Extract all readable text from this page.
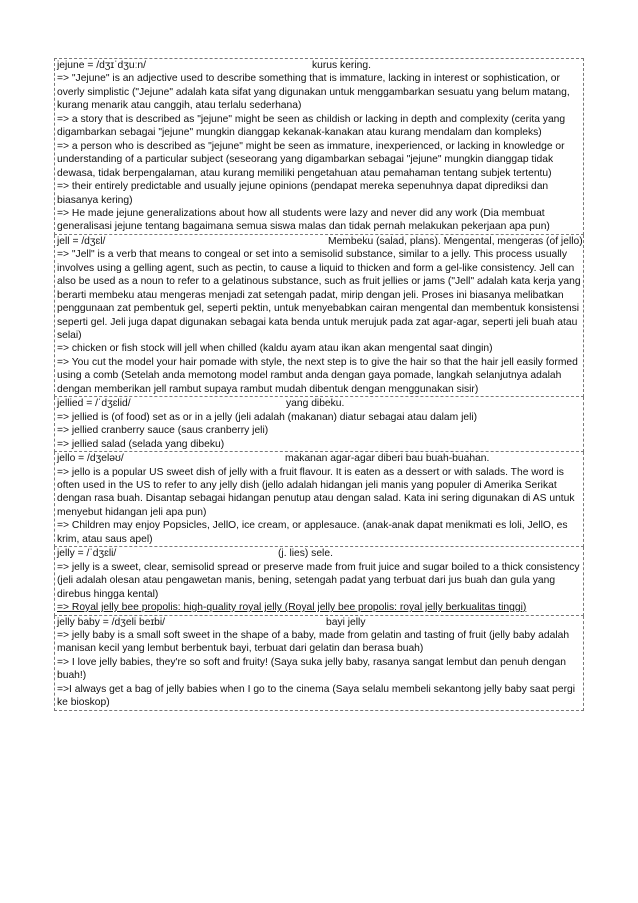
jejune = /dʒɪˈdʒuːn/	kurus kering.
=> "Jejune" is an adjective used to describe something that is immature, lacking in interest or sophistication, or overly simplistic ("Jejune" adalah kata sifat yang digunakan untuk menggambarkan sesuatu yang belum matang, kurang menarik atau canggih, atau terlalu sederhana)
=> a story that is described as "jejune" might be seen as childish or lacking in depth and complexity (cerita yang digambarkan sebagai "jejune" mungkin dianggap kekanak-kanakan atau kurang mendalam dan kompleks)
=> a person who is described as "jejune" might be seen as immature, inexperienced, or lacking in knowledge or understanding of a particular subject (seseorang yang digambarkan sebagai "jejune" mungkin dianggap tidak dewasa, tidak berpengalaman, atau kurang memiliki pengetahuan atau pemahaman tentang subjek tertentu)
=> their entirely predictable and usually jejune opinions (pendapat mereka sepenuhnya dapat diprediksi dan biasanya kering)
=> He made jejune generalizations about how all students were lazy and never did any work (Dia membuat generalisasi jejune tentang bagaimana semua siswa malas dan tidak pernah melakukan pekerjaan apa pun)
jell = /dʒɛl/	Membeku (salad, plans). Mengental, mengeras (of jello)
=> "Jell" is a verb that means to congeal or set into a semisolid substance, similar to a jelly. This process usually involves using a gelling agent, such as pectin, to cause a liquid to thicken and form a gel-like consistency. Jell can also be used as a noun to refer to a gelatinous substance, such as fruit jellies or jams ("Jell" adalah kata kerja yang berarti membeku atau mengeras menjadi zat setengah padat, mirip dengan jeli. Proses ini biasanya melibatkan penggunaan zat pembentuk gel, seperti pektin, untuk menyebabkan cairan mengental dan membentuk konsistensi seperti gel. Jeli juga dapat digunakan sebagai kata benda untuk merujuk pada zat agar-agar, seperti jeli buah atau selai)
=> chicken or fish stock will jell when chilled (kaldu ayam atau ikan akan mengental saat dingin)
=> You cut the model your hair pomade with style, the next step is to give the hair so that the hair jell easily formed using a comb (Setelah anda memotong model rambut anda dengan gaya pomade, langkah selanjutnya adalah dengan memberikan jell rambut supaya rambut mudah dibentuk dengan menggunakan sisir)
jellied = /ˈdʒɛlid/	yang dibeku.
=> jellied is (of food) set as or in a jelly (jeli adalah (makanan) diatur sebagai atau dalam jeli)
=> jellied cranberry sauce (saus cranberry jeli)
=> jellied salad (selada yang dibeku)
jello = /dʒeləʊ/	makanan agar-agar diberi bau buah-buahan.
=> jello is a popular US sweet dish of jelly with a fruit flavour. It is eaten as a dessert or with salads. The word is often used in the US to refer to any jelly dish (jello adalah hidangan jeli manis yang populer di Amerika Serikat dengan rasa buah. Disantap sebagai hidangan penutup atau dengan salad. Kata ini sering digunakan di AS untuk menyebut hidangan jeli apa pun)
=> Children may enjoy Popsicles, JellO, ice cream, or applesauce. (anak-anak dapat menikmati es loli, JellO, es krim, atau saus apel)
jelly = /ˈdʒɛli/	(j. lies) sele.
=> jelly is a sweet, clear, semisolid spread or preserve made from fruit juice and sugar boiled to a thick consistency (jeli adalah olesan atau pengawetan manis, bening, setengah padat yang terbuat dari jus buah dan gula yang direbus hingga kental)
=> Royal jelly bee propolis: high-quality royal jelly (Royal jelly bee propolis: royal jelly berkualitas tinggi)
jelly baby = /dʒeli beɪbi/	bayi jelly
=> jelly baby is a small soft sweet in the shape of a baby, made from gelatin and tasting of fruit (jelly baby adalah manisan kecil yang lembut berbentuk bayi, terbuat dari gelatin dan berasa buah)
=> I love jelly babies, they're so soft and fruity! (Saya suka jelly baby, rasanya sangat lembut dan penuh dengan buah!)
=>I always get a bag of jelly babies when I go to the cinema (Saya selalu membeli sekantong jelly baby saat pergi ke bioskop)
